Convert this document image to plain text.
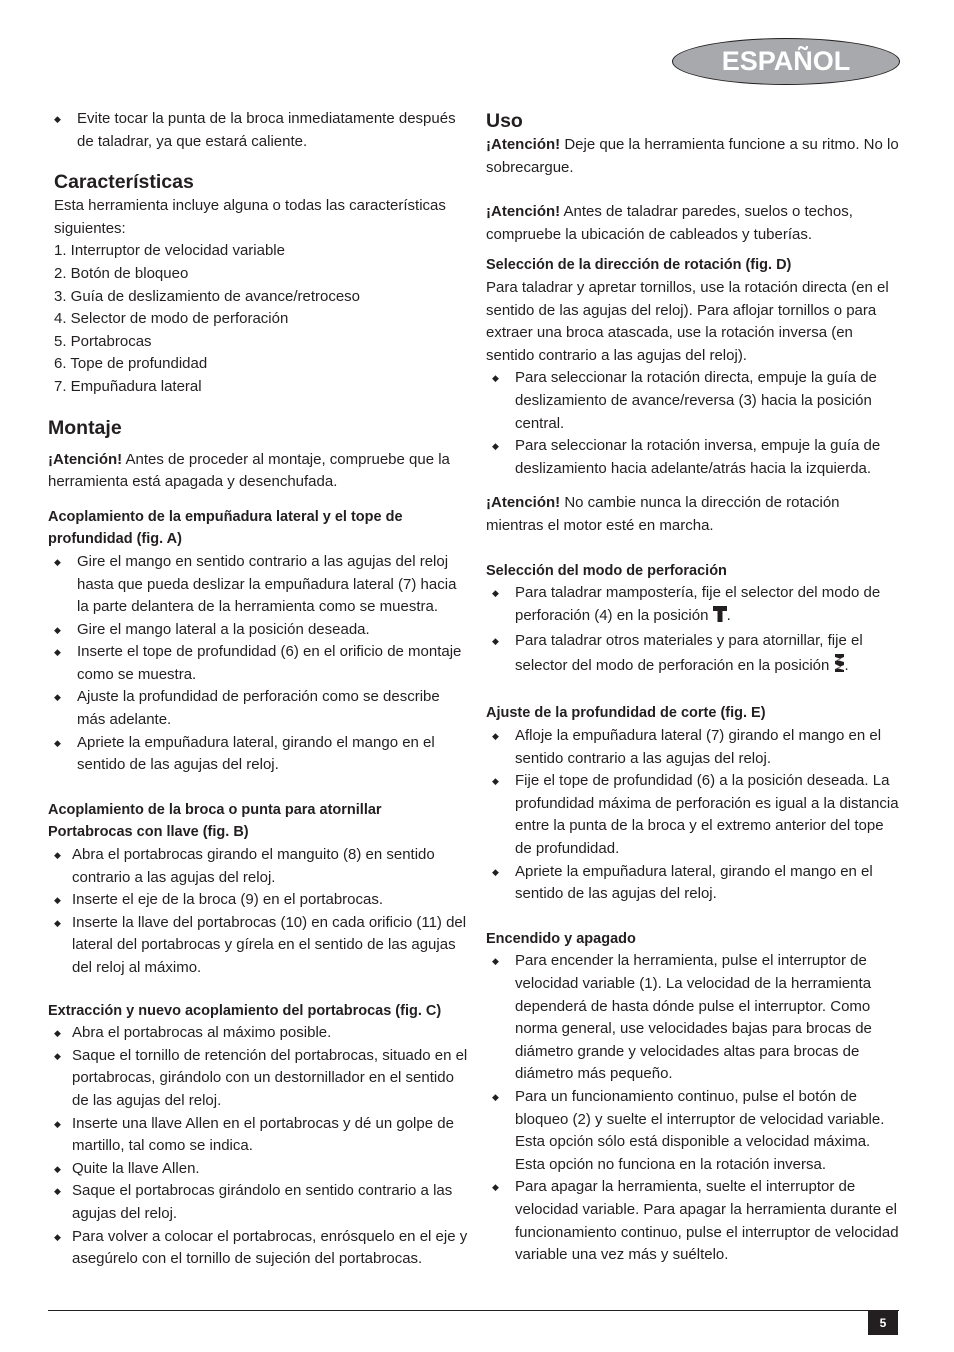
ESPAÑOL
◆ Evite tocar la punta de la broca inmediatamente después de taladrar, ya que estará caliente.
Características

Esta herramienta incluye alguna o todas las características siguientes:

1. Interruptor de velocidad variable

2. Botón de bloqueo

3. Guía de deslizamiento de avance/retroceso

4. Selector de modo de perforación

5. Portabrocas

6. Tope de profundidad

7. Empuñadura lateral

Montaje

¡Atención! Antes de proceder al montaje, compruebe que la herramienta está apagada y desenchufada.

Acoplamiento de la empuñadura lateral y el tope de profundidad (fig. A)
◆ Gire el mango en sentido contrario a las agujas del reloj hasta que pueda deslizar la empuñadura lateral (7) hacia la parte delantera de la herramienta como se muestra.
◆ Gire el mango lateral a la posición deseada.
◆ Inserte el tope de profundidad (6) en el orificio de montaje como se muestra.
◆ Ajuste la profundidad de perforación como se describe más adelante.
◆ Apriete la empuñadura lateral, girando el mango en el sentido de las agujas del reloj.
Acoplamiento de la broca o punta para atornillar Portabrocas con llave (fig. B)
◆ Abra el portabrocas girando el manguito (8) en sentido contrario a las agujas del reloj.
◆ Inserte el eje de la broca (9) en el portabrocas.
◆ Inserte la llave del portabrocas (10) en cada orificio (11) del lateral del portabrocas y gírela en el sentido de las agujas del reloj al máximo.
Extracción y nuevo acoplamiento del portabrocas (fig. C)
◆ Abra el portabrocas al máximo posible.
◆ Saque el tornillo de retención del portabrocas, situado en el portabrocas, girándolo con un destornillador en el sentido de las agujas del reloj.
◆ Inserte una llave Allen en el portabrocas y dé un golpe de martillo, tal como se indica.
◆ Quite la llave Allen.
◆ Saque el portabrocas girándolo en sentido contrario a las agujas del reloj.
◆ Para volver a colocar el portabrocas, enrósquelo en el eje y asegúrelo con el tornillo de sujeción del portabrocas.
Uso

¡Atención! Deje que la herramienta funcione a su ritmo. No lo sobrecargue.

¡Atención! Antes de taladrar paredes, suelos o techos, compruebe la ubicación de cableados y tuberías.

Selección de la dirección de rotación (fig. D)

Para taladrar y apretar tornillos, use la rotación directa (en el sentido de las agujas del reloj). Para aflojar tornillos o para extraer una broca atascada, use la rotación inversa (en sentido contrario a las agujas del reloj).

◆ Para seleccionar la rotación directa, empuje la guía de deslizamiento de avance/reversa (3) hacia la posición central.
◆ Para seleccionar la rotación inversa, empuje la guía de deslizamiento hacia adelante/atrás hacia la izquierda.

¡Atención! No cambie nunca la dirección de rotación mientras el motor esté en marcha.

Selección del modo de perforación
◆ Para taladrar mampostería, fije el selector del modo de perforación (4) en la posición .
◆ Para taladrar otros materiales y para atornillar, fije el selector del modo de perforación en la posición .
Ajuste de la profundidad de corte (fig. E)
◆ Afloje la empuñadura lateral (7) girando el mango en el sentido contrario a las agujas del reloj.
◆ Fije el tope de profundidad (6) a la posición deseada. La profundidad máxima de perforación es igual a la distancia entre la punta de la broca y el extremo anterior del tope de profundidad.
◆ Apriete la empuñadura lateral, girando el mango en el sentido de las agujas del reloj.
Encendido y apagado
◆ Para encender la herramienta, pulse el interruptor de velocidad variable (1). La velocidad de la herramienta dependerá de hasta dónde pulse el interruptor. Como norma general, use velocidades bajas para brocas de diámetro grande y velocidades altas para brocas de diámetro más pequeño.
◆ Para un funcionamiento continuo, pulse el botón de bloqueo (2) y suelte el interruptor de velocidad variable. Esta opción sólo está disponible a velocidad máxima. Esta opción no funciona en la rotación inversa.
◆ Para apagar la herramienta, suelte el interruptor de velocidad variable. Para apagar la herramienta durante el funcionamiento continuo, pulse el interruptor de velocidad variable una vez más y suéltelo.
5
